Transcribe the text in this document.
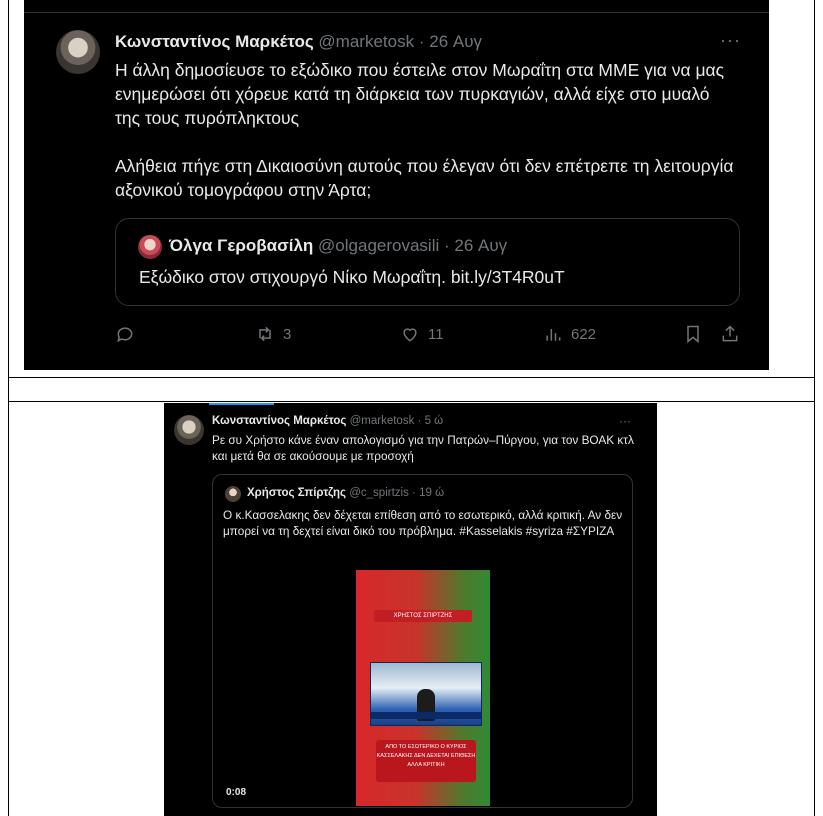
Κωνσταντίνος Μαρκέτος @marketosk · 26 Αυγ	···

Η άλλη δημοσίευσε το εξώδικο που έστειλε στον Μωραΐτη στα ΜΜΕ για να μας ενημερώσει ότι χόρευε κατά τη διάρκεια των πυρκαγιών, αλλά είχε στο μυαλό της τους πυρόπληκτους

Αλήθεια πήγε στη Δικαιοσύνη αυτούς που έλεγαν ότι δεν επέτρεπε τη λειτουργία αξονικού τομογράφου στην Άρτα;

Όλγα Γεροβασίλη @olgagerovasili · 26 Αυγ
Εξώδικο στον στιχουργό Νίκο Μωραΐτη. bit.ly/3T4R0uT
3	11	622
Κωνσταντίνος Μαρκέτος @marketosk · 5 ώ	···
Ρε συ Χρήστο κάνε έναν απολογισμό για την Πατρών–Πύργου, για τον ΒΟΑΚ κτλ και μετά θα σε ακούσουμε με προσοχή
Χρήστος Σπίρτζης @c_spirtzis · 19 ώ
Ο κ.Κασσελακης δεν δέχεται επίθεση από το εσωτερικό, αλλά κριτική. Αν δεν μπορεί να τη δεχτεί είναι δικό του πρόβλημα. #Kasselakis #syriza #ΣΥΡΙΖΑ
ΧΡΗΣΤΟΣ ΣΠΙΡΤΖΗΣ
ΑΠΟ ΤΟ ΕΣΩΤΕΡΙΚΟ Ο ΚΥΡΙΟΣ ΚΑΣΣΕΛΑΚΗΣ ΔΕΝ ΔΕΧΕΤΑΙ ΕΠΙΘΕΣΗ ΑΛΛΑ ΚΡΙΤΙΚΗ
0:08
